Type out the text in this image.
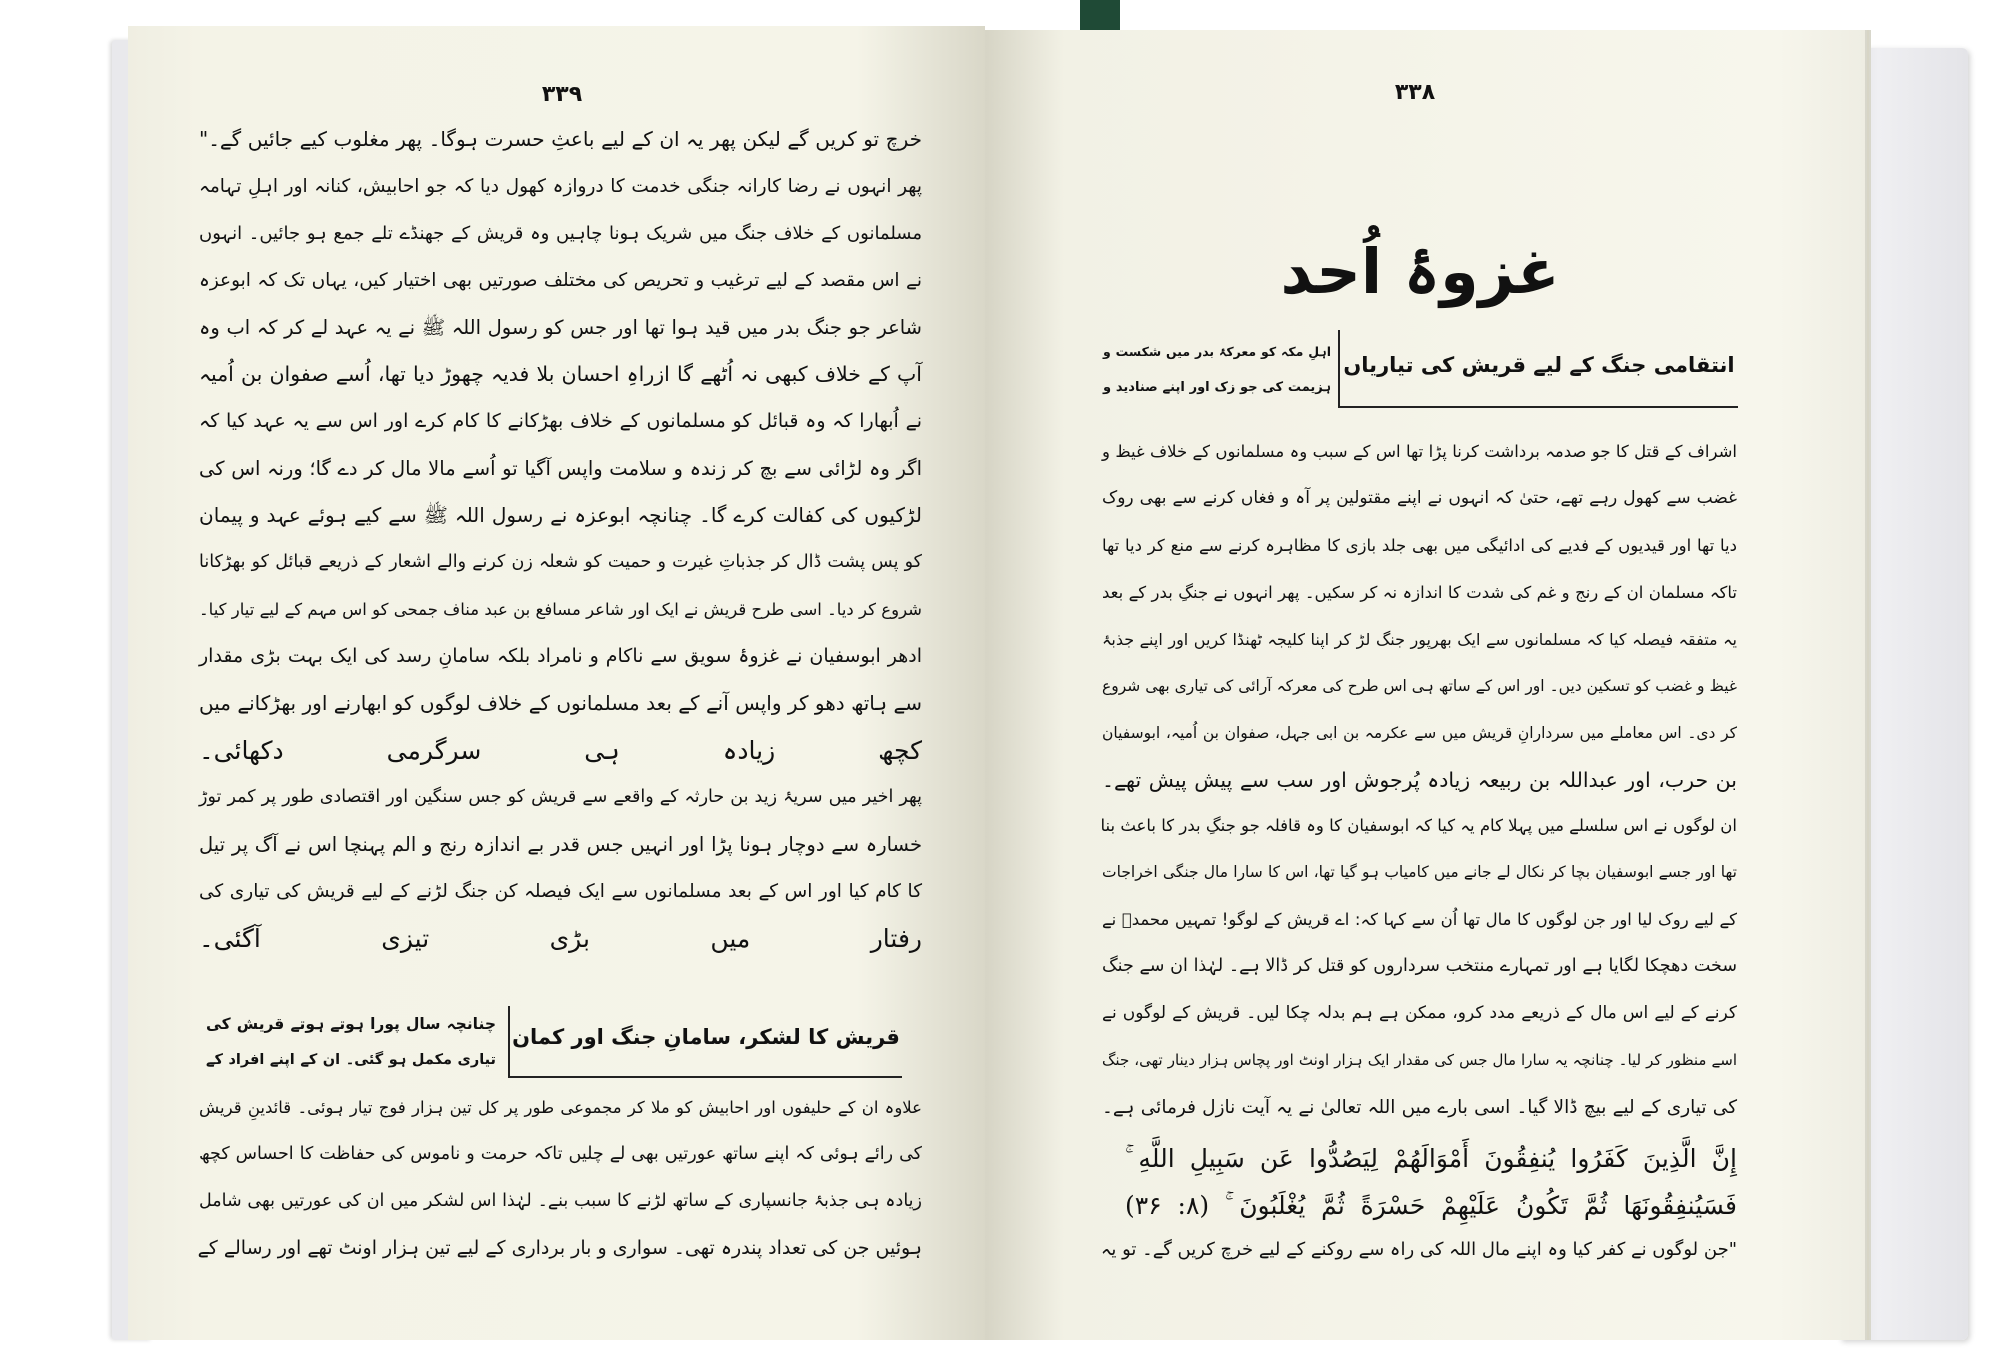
۳۳۹
خرچ تو کریں گے لیکن پھر یہ ان کے لیے باعثِ حسرت ہوگا۔ پھر مغلوب کیے جائیں گے۔"
پھر انہوں نے رضا کارانہ جنگی خدمت کا دروازہ کھول دیا کہ جو احابیش، کنانہ اور اہلِ تہامہ
مسلمانوں کے خلاف جنگ میں شریک ہونا چاہیں وہ قریش کے جھنڈے تلے جمع ہو جائیں۔ انہوں
نے اس مقصد کے لیے ترغیب و تحریص کی مختلف صورتیں بھی اختیار کیں، یہاں تک کہ ابوعزہ
شاعر جو جنگ بدر میں قید ہوا تھا اور جس کو رسول اللہ ﷺ نے یہ عہد لے کر کہ اب وہ
آپ کے خلاف کبھی نہ اُٹھے گا ازراہِ احسان بلا فدیہ چھوڑ دیا تھا، اُسے صفوان بن اُمیہ
نے اُبھارا کہ وہ قبائل کو مسلمانوں کے خلاف بھڑکانے کا کام کرے اور اس سے یہ عہد کیا کہ
اگر وہ لڑائی سے بچ کر زندہ و سلامت واپس آگیا تو اُسے مالا مال کر دے گا؛ ورنہ اس کی
لڑکیوں کی کفالت کرے گا۔ چنانچہ ابوعزہ نے رسول اللہ ﷺ سے کیے ہوئے عہد و پیمان
کو پس پشت ڈال کر جذباتِ غیرت و حمیت کو شعلہ زن کرنے والے اشعار کے ذریعے قبائل کو بھڑکانا
شروع کر دیا۔ اسی طرح قریش نے ایک اور شاعر مسافع بن عبد مناف جمحی کو اس مہم کے لیے تیار کیا۔
ادھر ابوسفیان نے غزوۂ سویق سے ناکام و نامراد بلکہ سامانِ رسد کی ایک بہت بڑی مقدار
سے ہاتھ دھو کر واپس آنے کے بعد مسلمانوں کے خلاف لوگوں کو ابھارنے اور بھڑکانے میں
کچھ زیادہ ہی سرگرمی دکھائی۔
پھر اخیر میں سریۂ زید بن حارثہ کے واقعے سے قریش کو جس سنگین اور اقتصادی طور پر کمر توڑ
خسارہ سے دوچار ہونا پڑا اور انہیں جس قدر بے اندازہ رنج و الم پہنچا اس نے آگ پر تیل
کا کام کیا اور اس کے بعد مسلمانوں سے ایک فیصلہ کن جنگ لڑنے کے لیے قریش کی تیاری کی
رفتار میں بڑی تیزی آگئی۔
قریش کا لشکر، سامانِ جنگ اور کمان
چنانچہ سال پورا ہوتے ہوتے قریش کی
تیاری مکمل ہو گئی۔ ان کے اپنے افراد کے
علاوہ ان کے حلیفوں اور احابیش کو ملا کر مجموعی طور پر کل تین ہزار فوج تیار ہوئی۔ قائدینِ قریش
کی رائے ہوئی کہ اپنے ساتھ عورتیں بھی لے چلیں تاکہ حرمت و ناموس کی حفاظت کا احساس کچھ
زیادہ ہی جذبۂ جانسپاری کے ساتھ لڑنے کا سبب بنے۔ لہٰذا اس لشکر میں ان کی عورتیں بھی شامل
ہوئیں جن کی تعداد پندرہ تھی۔ سواری و بار برداری کے لیے تین ہزار اونٹ تھے اور رسالے کے
۳۳۸
غزوۂ اُحد
انتقامی جنگ کے لیے قریش کی تیاریاں
اہلِ مکہ کو معرکۂ بدر میں شکست و
ہزیمت کی جو زک اور اپنے صنادید و
اشراف کے قتل کا جو صدمہ برداشت کرنا پڑا تھا اس کے سبب وہ مسلمانوں کے خلاف غیظ و
غضب سے کھول رہے تھے، حتیٰ کہ انہوں نے اپنے مقتولین پر آہ و فغاں کرنے سے بھی روک
دیا تھا اور قیدیوں کے فدیے کی ادائیگی میں بھی جلد بازی کا مظاہرہ کرنے سے منع کر دیا تھا
تاکہ مسلمان ان کے رنج و غم کی شدت کا اندازہ نہ کر سکیں۔ پھر انہوں نے جنگِ بدر کے بعد
یہ متفقہ فیصلہ کیا کہ مسلمانوں سے ایک بھرپور جنگ لڑ کر اپنا کلیجہ ٹھنڈا کریں اور اپنے جذبۂ
غیظ و غضب کو تسکین دیں۔ اور اس کے ساتھ ہی اس طرح کی معرکہ آرائی کی تیاری بھی شروع
کر دی۔ اس معاملے میں سردارانِ قریش میں سے عکرمہ بن ابی جہل، صفوان بن اُمیہ، ابوسفیان
بن حرب، اور عبداللہ بن ربیعہ زیادہ پُرجوش اور سب سے پیش پیش تھے۔
ان لوگوں نے اس سلسلے میں پہلا کام یہ کیا کہ ابوسفیان کا وہ قافلہ جو جنگِ بدر کا باعث بنا
تھا اور جسے ابوسفیان بچا کر نکال لے جانے میں کامیاب ہو گیا تھا، اس کا سارا مال جنگی اخراجات
کے لیے روک لیا اور جن لوگوں کا مال تھا اُن سے کہا کہ: اے قریش کے لوگو! تمہیں محمدؐ نے
سخت دھچکا لگایا ہے اور تمہارے منتخب سرداروں کو قتل کر ڈالا ہے۔ لہٰذا ان سے جنگ
کرنے کے لیے اس مال کے ذریعے مدد کرو، ممکن ہے ہم بدلہ چکا لیں۔ قریش کے لوگوں نے
اسے منظور کر لیا۔ چنانچہ یہ سارا مال جس کی مقدار ایک ہزار اونٹ اور پچاس ہزار دینار تھی، جنگ
کی تیاری کے لیے بیچ ڈالا گیا۔ اسی بارے میں اللہ تعالیٰ نے یہ آیت نازل فرمائی ہے۔
إِنَّ الَّذِينَ كَفَرُوا يُنفِقُونَ أَمْوَالَهُمْ لِيَصُدُّوا عَن سَبِيلِ اللَّهِ ۚ
فَسَيُنفِقُونَهَا ثُمَّ تَكُونُ عَلَيْهِمْ حَسْرَةً ثُمَّ يُغْلَبُونَ ۚ (۸: ۳۶)
"جن لوگوں نے کفر کیا وہ اپنے مال اللہ کی راہ سے روکنے کے لیے خرچ کریں گے۔ تو یہ
